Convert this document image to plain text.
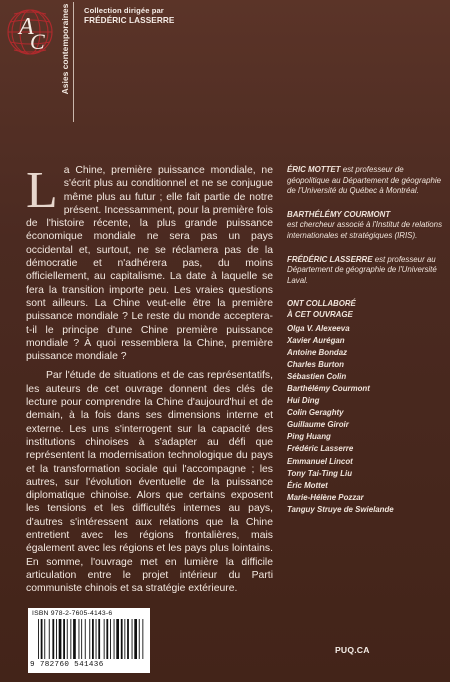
A
C Asies contemporaines Collection dirigée par
FRÉDÉRIC LASSERRE

La Chine, première puissance mondiale, ne s'écrit plus au conditionnel et ne se conjugue même plus au futur ; elle fait partie de notre présent. Incessamment, pour la première fois de l'histoire récente, la plus grande puissance économique mondiale ne sera pas un pays occidental et, surtout, ne se réclamera pas de la démocratie et n'adhérera pas, du moins officiellement, au capitalisme. La date à laquelle se fera la transition importe peu. Les vraies questions sont ailleurs. La Chine veut-elle être la première puissance mondiale ? Le reste du monde acceptera-t-il le principe d'une Chine première puissance mondiale ? À quoi ressemblera la Chine, première puissance mondiale ?

Par l'étude de situations et de cas représentatifs, les auteurs de cet ouvrage donnent des clés de lecture pour comprendre la Chine d'aujourd'hui et de demain, à la fois dans ses dimensions interne et externe. Les uns s'interrogent sur la capacité des institutions chinoises à s'adapter au défi que représentent la modernisation technologique du pays et la transformation sociale qui l'accompagne ; les autres, sur l'évolution éventuelle de la puissance diplomatique chinoise. Alors que certains exposent les tensions et les difficultés internes au pays, d'autres s'intéressent aux relations que la Chine entretient avec les régions frontalières, mais également avec les régions et les pays plus lointains. En somme, l'ouvrage met en lumière la difficile articulation entre le projet intérieur du Parti communiste chinois et sa stratégie extérieure.

ÉRIC MOTTET est professeur de géopolitique au Département de géographie de l'Université du Québec à Montréal.
BARTHÉLÉMY COURMONT
est chercheur associé à l'Institut de relations internationales et stratégiques (IRIS).
FRÉDÉRIC LASSERRE est professeur au Département de géographie de l'Université Laval.
ONT COLLABORÉ
À CET OUVRAGE
Olga V. Alexeeva
Xavier Aurégan
Antoine Bondaz
Charles Burton
Sébastien Colin
Barthélémy Courmont
Hui Ding
Colin Geraghty
Guillaume Giroir
Ping Huang
Frédéric Lasserre
Emmanuel Lincot
Tony Tai-Ting Liu
Éric Mottet
Marie-Hélène Pozzar
Tanguy Struye de Swielande
ISBN 978-2-7605-4143-6
9 782760 541436
PUQ.CA
